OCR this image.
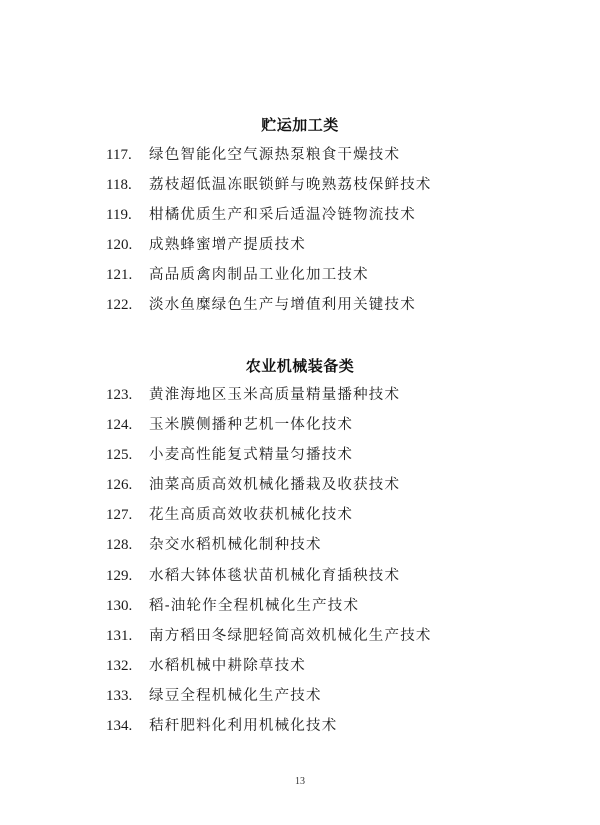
贮运加工类
117. 绿色智能化空气源热泵粮食干燥技术
118. 荔枝超低温冻眠锁鲜与晚熟荔枝保鲜技术
119. 柑橘优质生产和采后适温冷链物流技术
120. 成熟蜂蜜增产提质技术
121. 高品质禽肉制品工业化加工技术
122. 淡水鱼糜绿色生产与增值利用关键技术
农业机械装备类
123. 黄淮海地区玉米高质量精量播种技术
124. 玉米膜侧播种艺机一体化技术
125. 小麦高性能复式精量匀播技术
126. 油菜高质高效机械化播栽及收获技术
127. 花生高质高效收获机械化技术
128. 杂交水稻机械化制种技术
129. 水稻大钵体毯状苗机械化育插秧技术
130. 稻-油轮作全程机械化生产技术
131. 南方稻田冬绿肥轻简高效机械化生产技术
132. 水稻机械中耕除草技术
133. 绿豆全程机械化生产技术
134. 秸秆肥料化利用机械化技术
13
